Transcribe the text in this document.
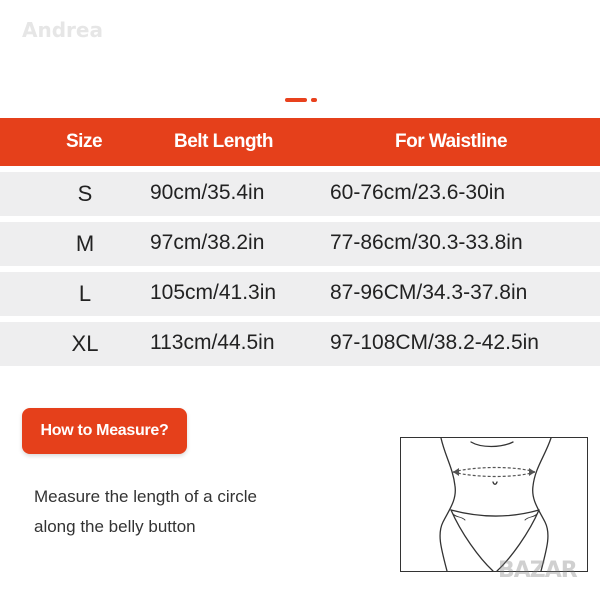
Andrea
Size	Belt Length	For Waistline
S	90cm/35.4in	60-76cm/23.6-30in
M	97cm/38.2in	77-86cm/30.3-33.8in
L	105cm/41.3in	87-96CM/34.3-37.8in
XL	113cm/44.5in	97-108CM/38.2-42.5in
How to Measure?
Measure the length of a circle
along the belly button
BAZAR
